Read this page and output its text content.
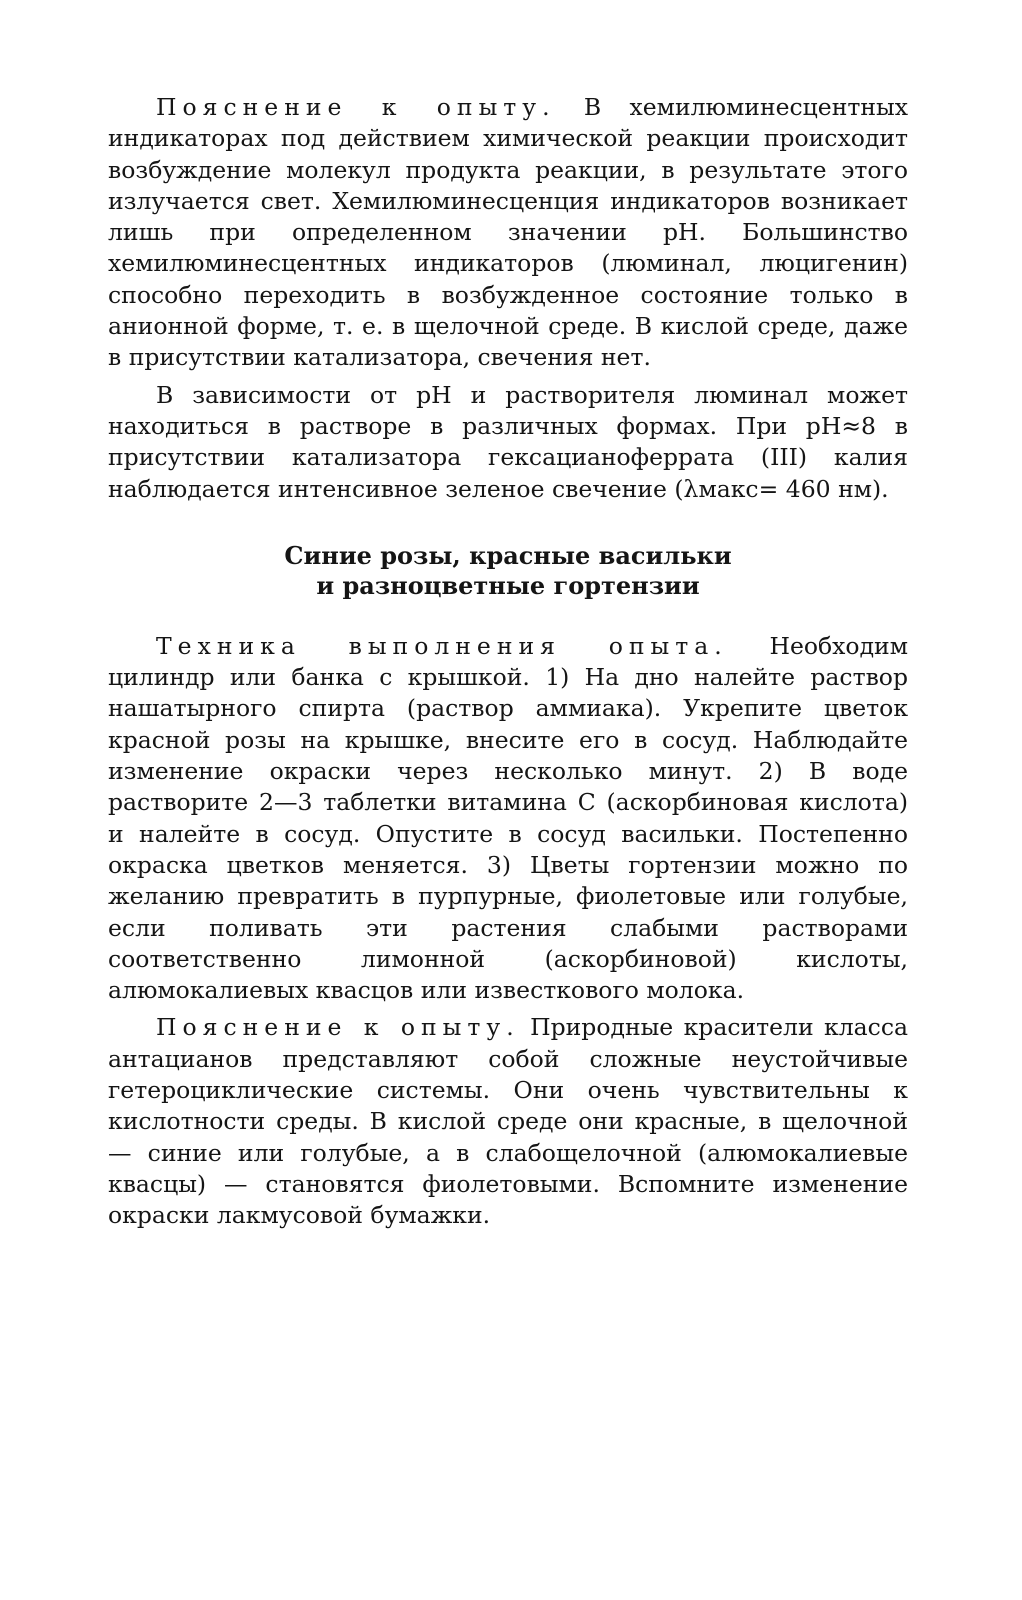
Пояснение к опыту. В хемилюминесцентных индикаторах под действием химической реакции происходит возбуждение молекул продукта реакции, в результате этого излучается свет. Хемилюминесценция индикаторов возникает лишь при определенном значении pH. Большинство хемилюминесцентных индикаторов (люминал, люцигенин) способно переходить в возбужденное состояние только в анионной форме, т. е. в щелочной среде. В кислой среде, даже в присутствии катализатора, свечения нет.

В зависимости от pH и растворителя люминал может находиться в растворе в различных формах. При pH≈8 в присутствии катализатора гексацианоферрата (III) калия наблюдается интенсивное зеленое свечение (λмакс= 460 нм).

Синие розы, красные васильки
и разноцветные гортензии

Техника выполнения опыта. Необходим цилиндр или банка с крышкой. 1) На дно налейте раствор нашатырного спирта (раствор аммиака). Укрепите цветок красной розы на крышке, внесите его в сосуд. Наблюдайте изменение окраски через несколько минут. 2) В воде растворите 2—3 таблетки витамина С (аскорбиновая кислота) и налейте в сосуд. Опустите в сосуд васильки. Постепенно окраска цветков меняется. 3) Цветы гортензии можно по желанию превратить в пурпурные, фиолетовые или голубые, если поливать эти растения слабыми растворами соответственно лимонной (аскорбиновой) кислоты, алюмокалиевых квасцов или известкового молока.

Пояснение к опыту. Природные красители класса антацианов представляют собой сложные неустойчивые гетероциклические системы. Они очень чувствительны к кислотности среды. В кислой среде они красные, в щелочной — синие или голубые, а в слабощелочной (алюмокалиевые квасцы) — становятся фиолетовыми. Вспомните изменение окраски лакмусовой бумажки.
